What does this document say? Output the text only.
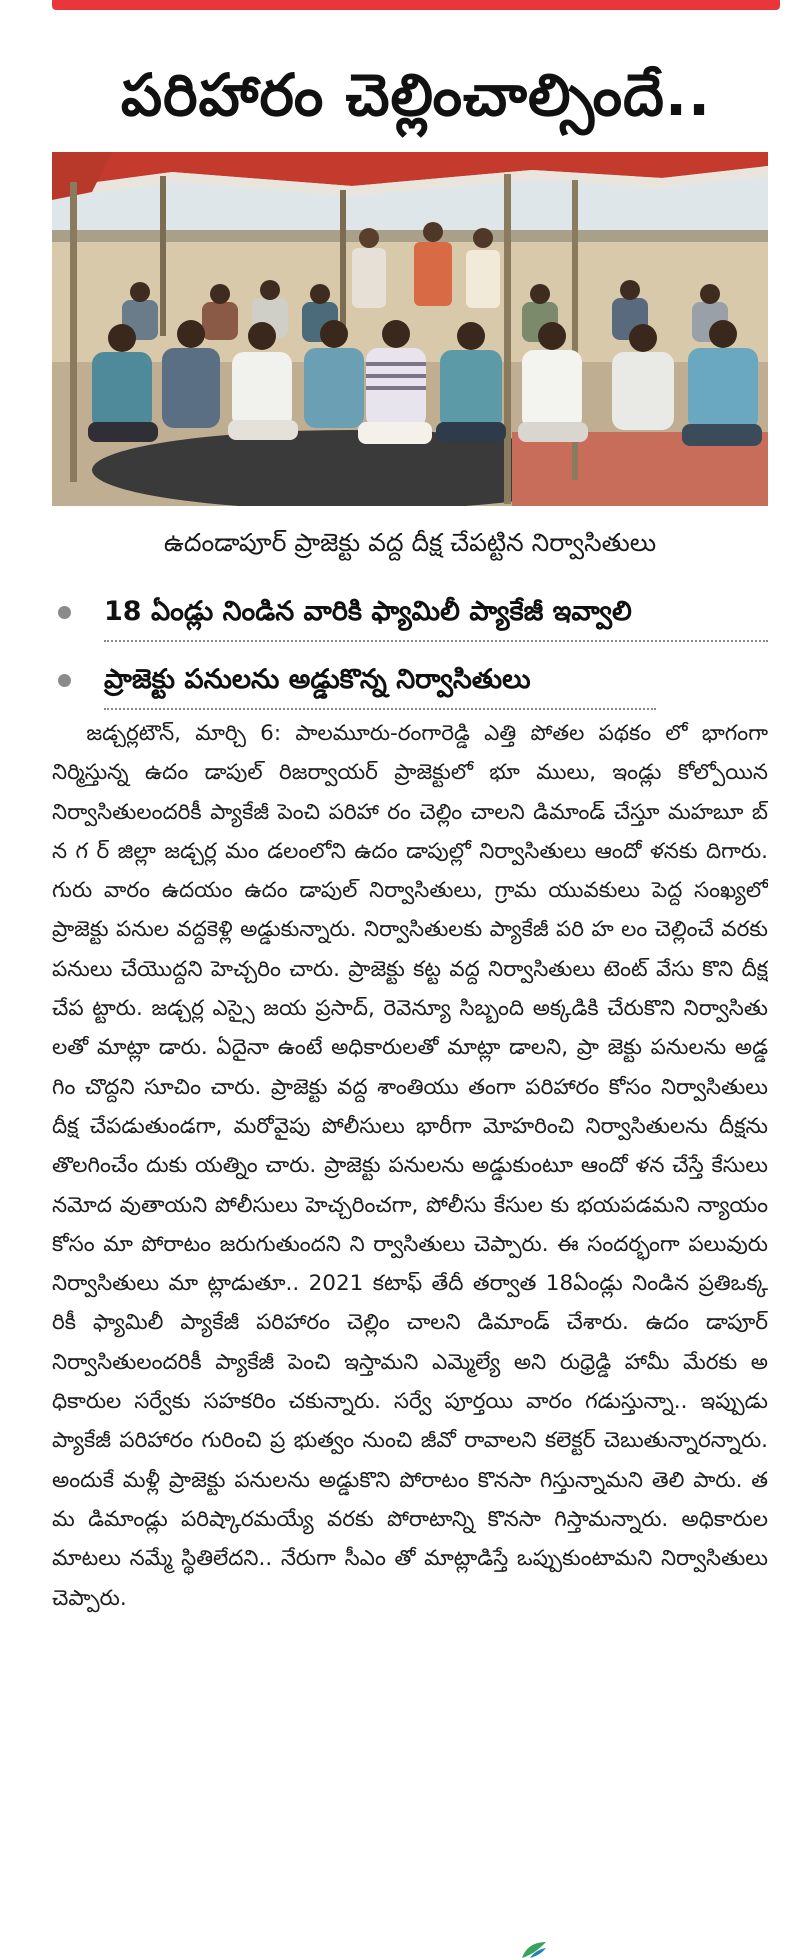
పరిహారం చెల్లించాల్సిందే..
ఉదండాపూర్ ప్రాజెక్టు వద్ద దీక్ష చేపట్టిన నిర్వాసితులు
18 ఏండ్లు నిండిన వారికి ఫ్యామిలీ ప్యాకేజీ ఇవ్వాలి
ప్రాజెక్టు పనులను అడ్డుకొన్న నిర్వాసితులు

జడ్చర్లటౌన్, మార్చి 6: పాలమూరు-రంగారెడ్డి ఎత్తి పోతల పథకం లో భాగంగా నిర్మిస్తున్న ఉదం డాపుల్ రిజర్వాయర్ ప్రాజెక్టులో భూ ములు, ఇండ్లు కోల్పోయిన నిర్వాసితులందరికీ ప్యాకేజీ పెంచి పరిహా రం చెల్లిం చాలని డిమాండ్ చేస్తూ మహబూ బ్ న గ ర్ జిల్లా జడ్చర్ల మం డలంలోని ఉదం డాపుల్లో నిర్వాసితులు ఆందో ళనకు దిగారు. గురు వారం ఉదయం ఉదం డాపుల్ నిర్వాసితులు, గ్రామ యువకులు పెద్ద సంఖ్యలో ప్రాజెక్టు పనుల వద్దకెళ్లి అడ్డుకున్నారు. నిర్వాసితులకు ప్యాకేజీ పరి హ లం చెల్లించే వరకు పనులు చేయొద్దని హెచ్చరిం చారు. ప్రాజెక్టు కట్ట వద్ద నిర్వాసితులు టెంట్ వేసు కొని దీక్ష చేప ట్టారు. జడ్చర్ల ఎస్సై జయ ప్రసాద్, రెవెన్యూ సిబ్బంది అక్కడికి చేరుకొని నిర్వాసితు లతో మాట్లా డారు. ఏదైనా ఉంటే అధికారులతో మాట్లా డాలని, ప్రా జెక్టు పనులను అడ్డగిం చొద్దని సూచిం చారు. ప్రాజెక్టు వద్ద శాంతియు తంగా పరిహారం కోసం నిర్వాసితులు దీక్ష చేపడుతుండగా, మరోవైపు పోలీసులు భారీగా మోహరించి నిర్వాసితులను దీక్షను తొలగించేం దుకు యత్నిం చారు. ప్రాజెక్టు పనులను అడ్డుకుంటూ ఆందో ళన చేస్తే కేసులు నమోద వుతాయని పోలీసులు హెచ్చరించగా, పోలీసు కేసుల కు భయపడమని న్యాయం కోసం మా పోరాటం జరుగుతుందని ని ర్వాసితులు చెప్పారు. ఈ సందర్భంగా పలువురు నిర్వాసితులు మా ట్లాడుతూ.. 2021 కటాఫ్ తేదీ తర్వాత 18ఏండ్లు నిండిన ప్రతిఒక్క రికీ ఫ్యామిలీ ప్యాకేజీ పరిహారం చెల్లిం చాలని డిమాండ్ చేశారు. ఉదం డాపూర్ నిర్వాసితులందరికీ ప్యాకేజీ పెంచి ఇస్తామని ఎమ్మెల్యే అని రుధ్రెడ్డి హామీ మేరకు అధికారుల సర్వేకు సహకరిం చకున్నారు. సర్వే పూర్తయి వారం గడుస్తున్నా.. ఇప్పుడు ప్యాకేజీ పరిహారం గురించి ప్ర భుత్వం నుంచి జీవో రావాలని కలెక్టర్ చెబుతున్నారన్నారు. అందుకే మళ్లీ ప్రాజెక్టు పనులను అడ్డుకొని పోరాటం కొనసా గిస్తున్నామని తెలి పారు. తమ డిమాండ్లు పరిష్కారమయ్యే వరకు పోరాటాన్ని కొనసా గిస్తామన్నారు. అధికారుల మాటలు నమ్మే స్థితిలేదని.. నేరుగా సీఎం తో మాట్లాడిస్తే ఒప్పుకుంటామని నిర్వాసితులు చెప్పారు.
